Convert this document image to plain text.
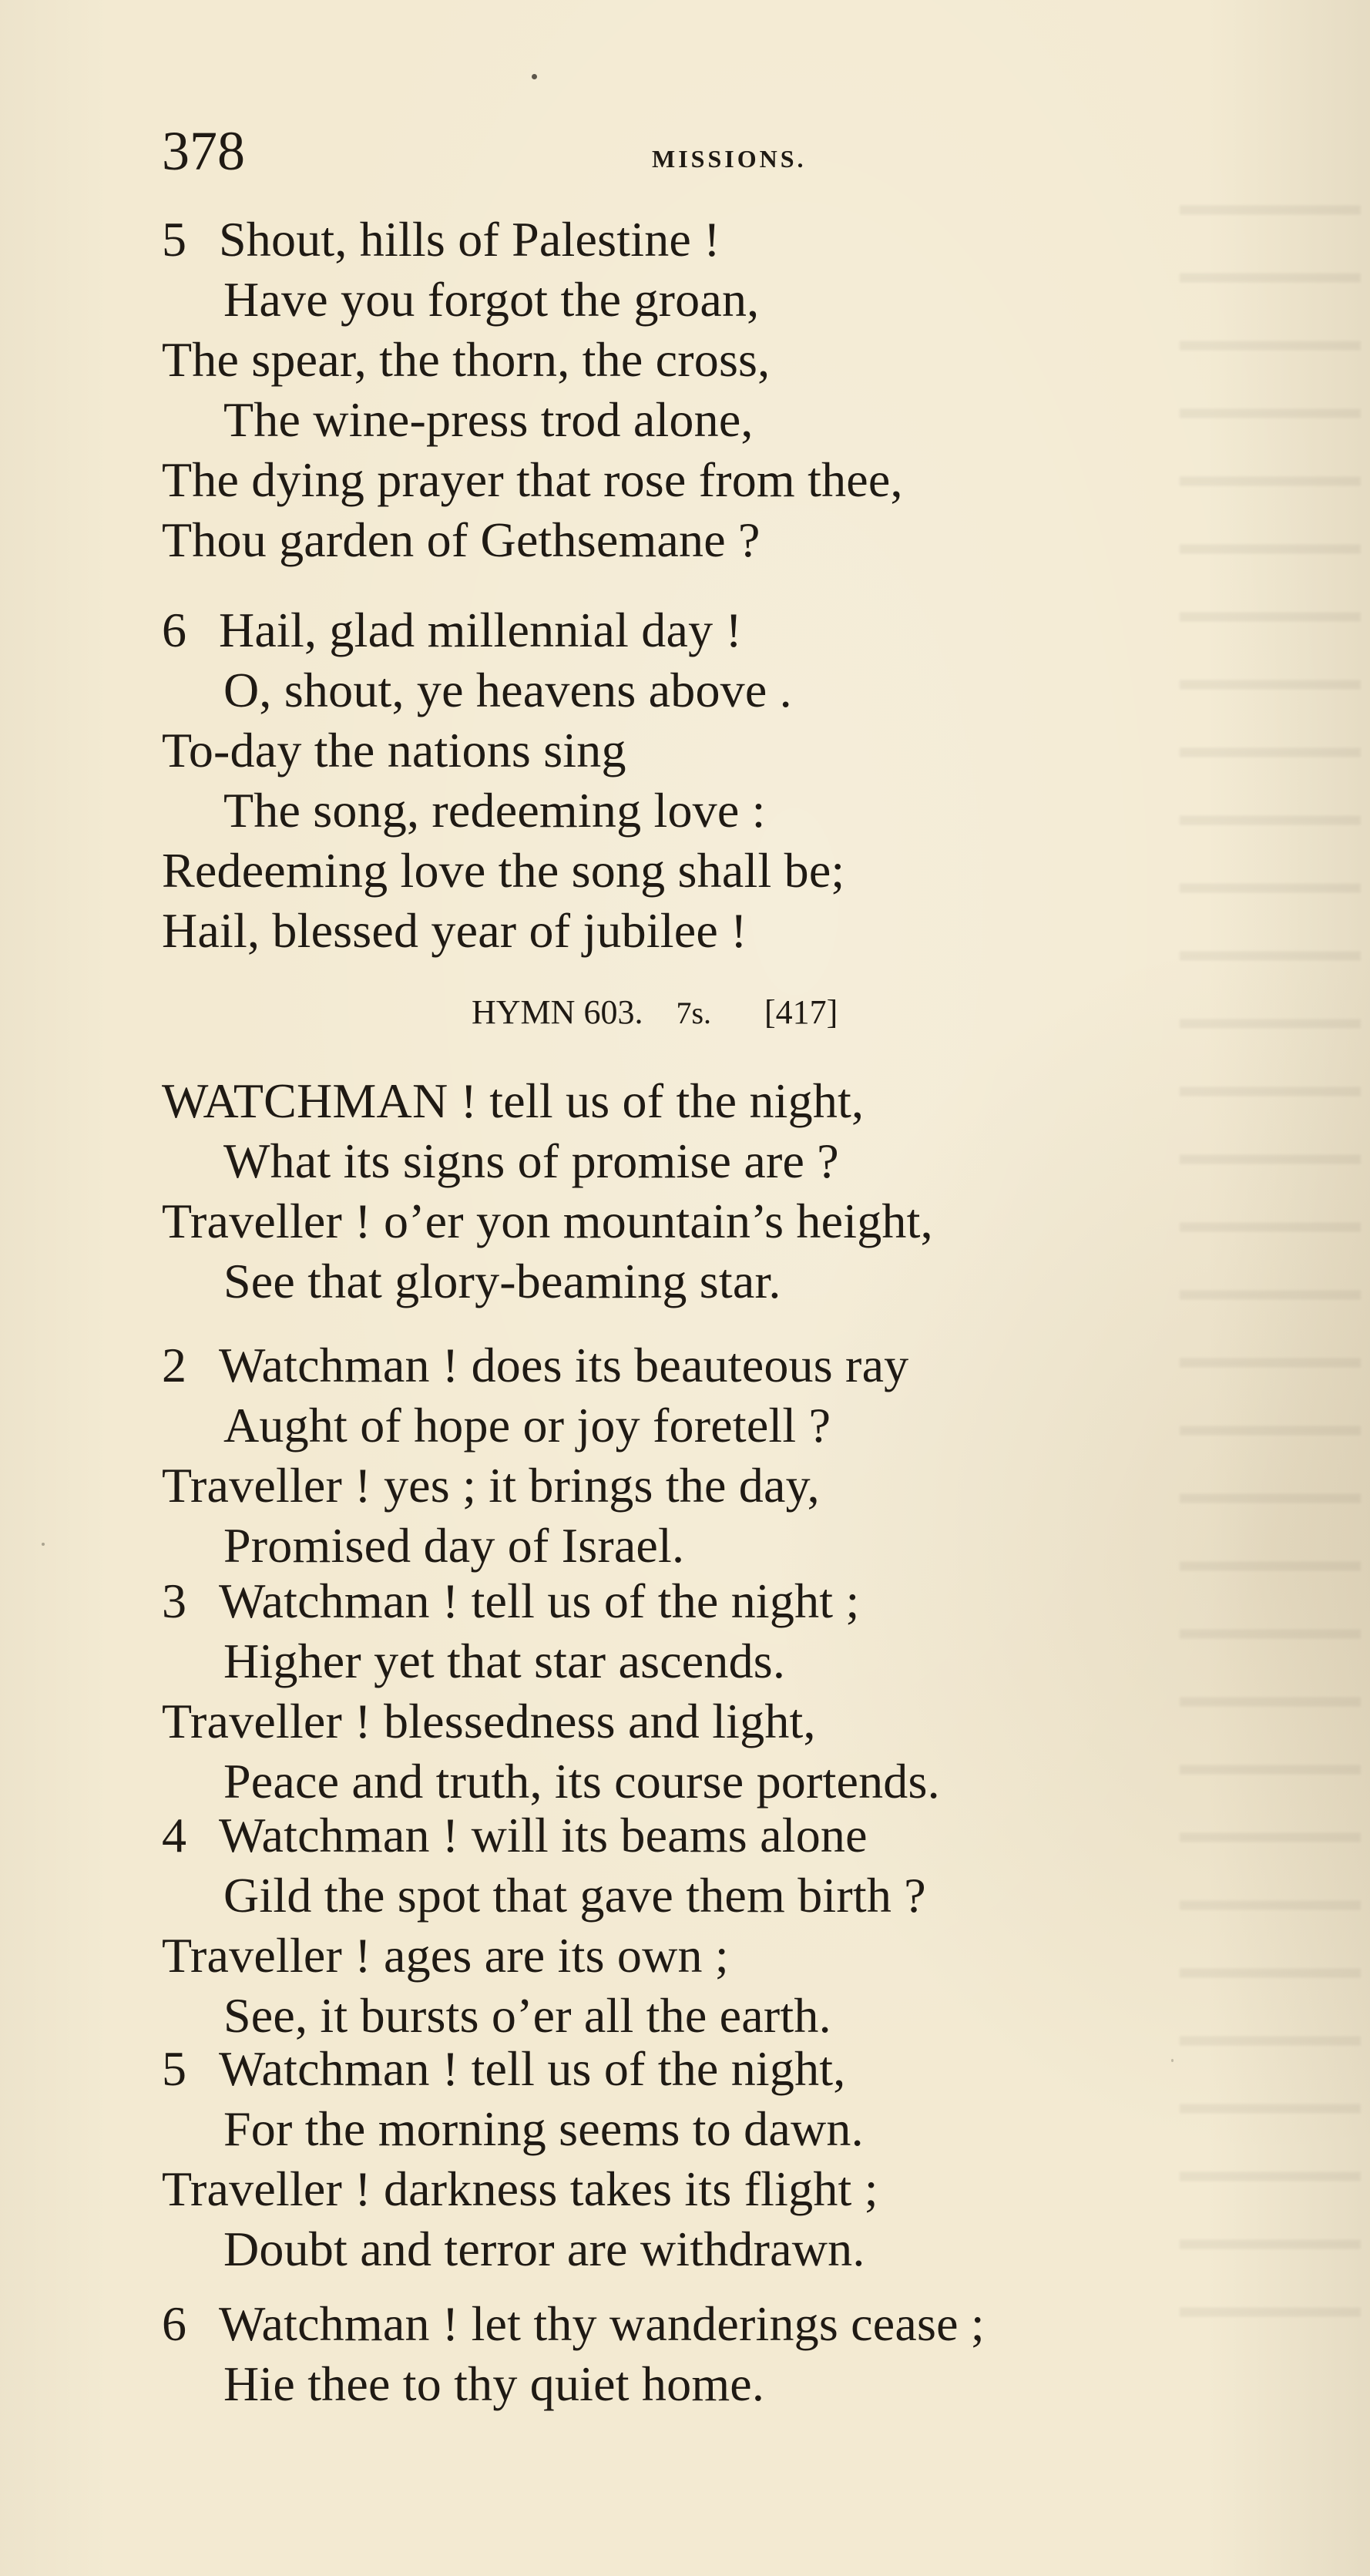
378	MISSIONS.
5 Shout, hills of Palestine !
Have you forgot the groan,
The spear, the thorn, the cross,
The wine-press trod alone,
The dying prayer that rose from thee,
Thou garden of Gethsemane ?
6 Hail, glad millennial day !
O, shout, ye heavens above .
To-day the nations sing
The song, redeeming love :
Redeeming love the song shall be;
Hail, blessed year of jubilee !
HYMN 603. 7s. [417]
WATCHMAN ! tell us of the night,
What its signs of promise are ?
Traveller ! o’er yon mountain’s height,
See that glory-beaming star.
2 Watchman ! does its beauteous ray
Aught of hope or joy foretell ?
Traveller ! yes ; it brings the day,
Promised day of Israel.
3 Watchman ! tell us of the night ;
Higher yet that star ascends.
Traveller ! blessedness and light,
Peace and truth, its course portends.
4 Watchman ! will its beams alone
Gild the spot that gave them birth ?
Traveller ! ages are its own ;
See, it bursts o’er all the earth.
5 Watchman ! tell us of the night,
For the morning seems to dawn.
Traveller ! darkness takes its flight ;
Doubt and terror are withdrawn.
6 Watchman ! let thy wanderings cease ;
Hie thee to thy quiet home.
